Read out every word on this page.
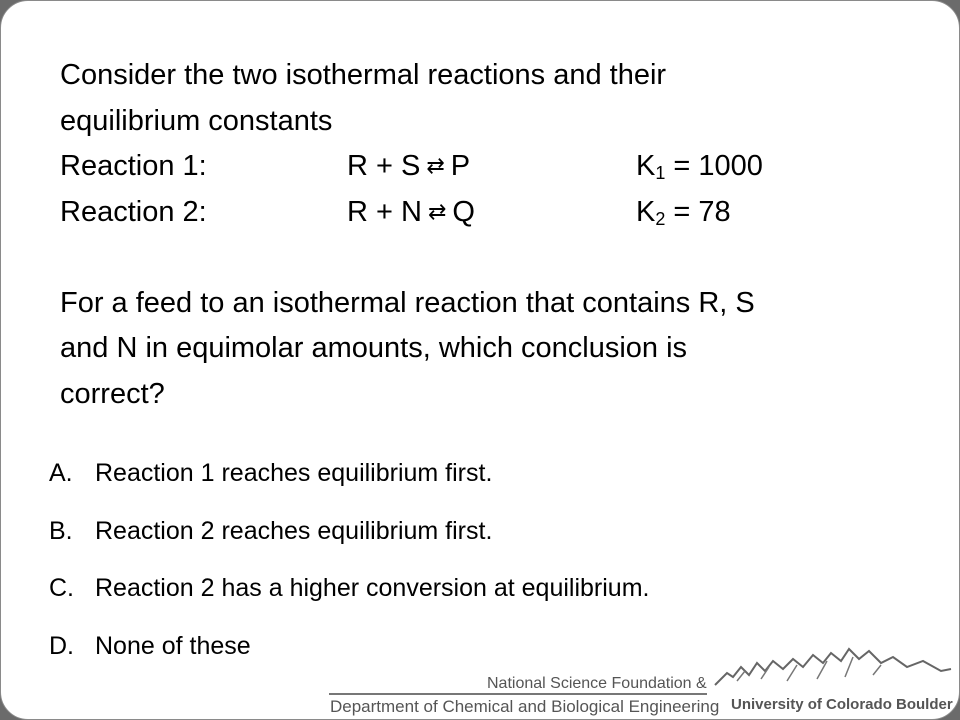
Consider the two isothermal reactions and their
equilibrium constants
Reaction 1:	R + S ⇄ P	$K_1 = 1000$
Reaction 2:	R + N ⇄ Q	$K_2 = 78$
For a feed to an isothermal reaction that contains R, S
and N in equimolar amounts, which conclusion is
correct?
A. Reaction 1 reaches equilibrium first.
B. Reaction 2 reaches equilibrium first.
C. Reaction 2 has a higher conversion at equilibrium.
D. None of these
National Science Foundation &
Department of Chemical and Biological Engineering University of Colorado Boulder
